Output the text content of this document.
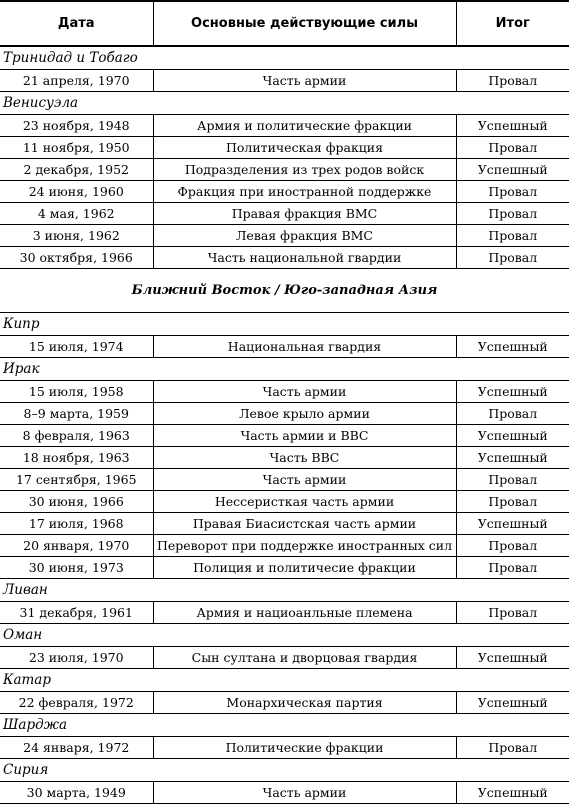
Дата	Основные действующие силы	Итог
Тринидад и Тобаго		
21 апреля, 1970	Часть армии	Провал
Венисуэла		
23 ноября, 1948	Армия и политические фракции	Успешный
11 ноября, 1950	Политическая фракция	Провал
2 декабря, 1952	Подразделения из трех родов войск	Успешный
24 июня, 1960	Фракция при иностранной поддержке	Провал
4 мая, 1962	Правая фракция ВМС	Провал
3 июня, 1962	Левая фракция ВМС	Провал
30 октября, 1966	Часть национальной гвардии	Провал
Ближний Восток / Юго-западная Азия		
Кипр		
15 июля, 1974	Национальная гвардия	Успешный
Ирак		
15 июля, 1958	Часть армии	Успешный
8–9 марта, 1959	Левое крыло армии	Провал
8 февраля, 1963	Часть армии и ВВС	Успешный
18 ноября, 1963	Часть ВВС	Успешный
17 сентября, 1965	Часть армии	Провал
30 июня, 1966	Нессеристкая часть армии	Провал
17 июля, 1968	Правая Биасистская часть армии	Успешный
20 января, 1970	Переворот при поддержке иностранных сил	Провал
30 июня, 1973	Полиция и политичесие фракции	Провал
Ливан		
31 декабря, 1961	Армия и нациоанльные племена	Провал
Оман		
23 июля, 1970	Сын султана и дворцовая гвардия	Успешный
Катар		
22 февраля, 1972	Монархическая партия	Успешный
Шарджа		
24 января, 1972	Политические фракции	Провал
Сирия		
30 марта, 1949	Часть армии	Успешный
